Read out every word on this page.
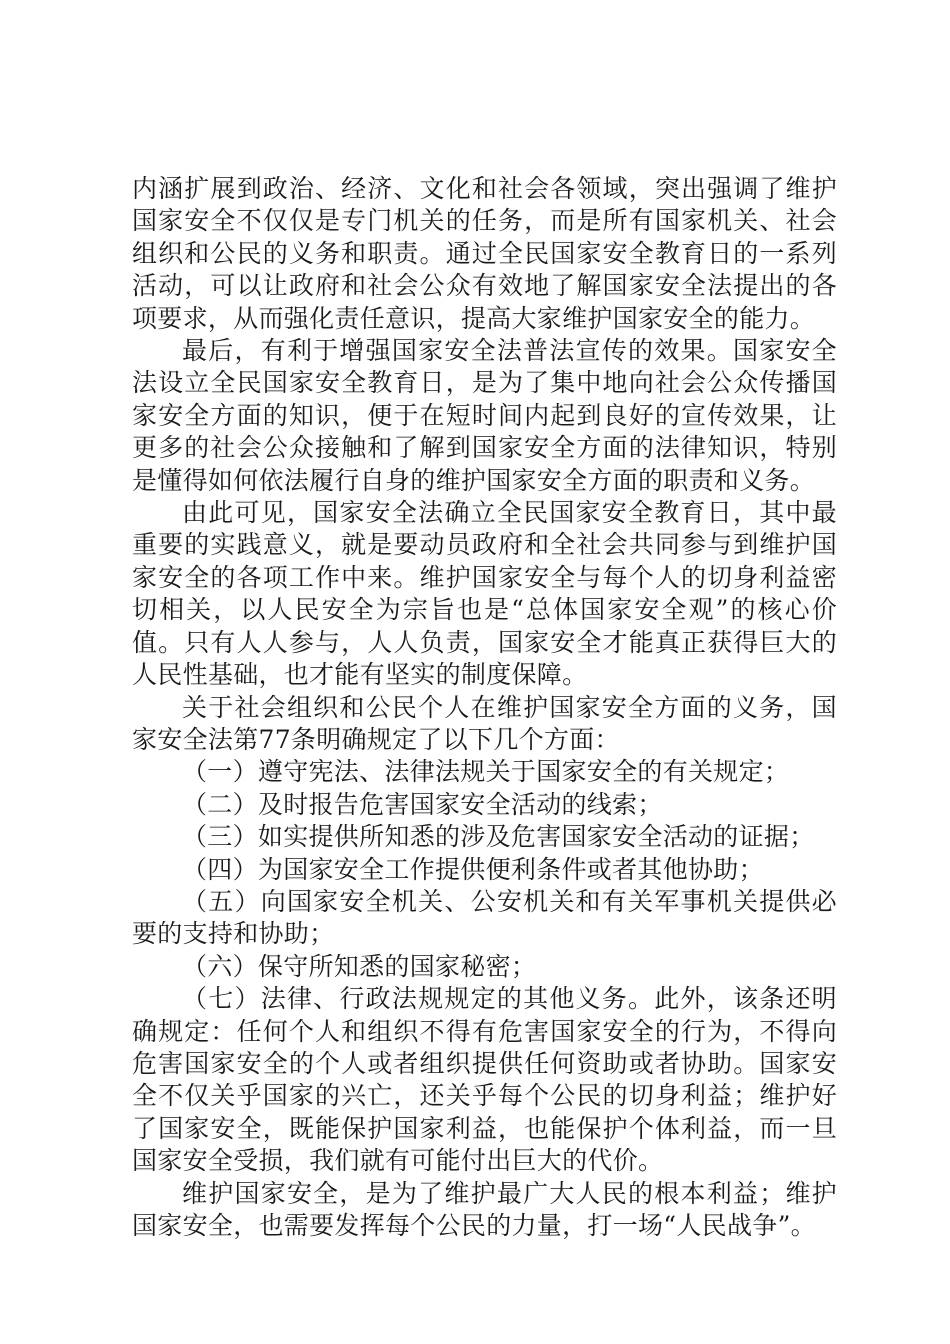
内涵扩展到政治、经济、文化和社会各领域，突出强调了维护国家安全不仅仅是专门机关的任务，而是所有国家机关、社会组织和公民的义务和职责。通过全民国家安全教育日的一系列活动，可以让政府和社会公众有效地了解国家安全法提出的各项要求，从而强化责任意识，提高大家维护国家安全的能力。

最后，有利于增强国家安全法普法宣传的效果。国家安全法设立全民国家安全教育日，是为了集中地向社会公众传播国家安全方面的知识，便于在短时间内起到良好的宣传效果，让更多的社会公众接触和了解到国家安全方面的法律知识，特别是懂得如何依法履行自身的维护国家安全方面的职责和义务。

由此可见，国家安全法确立全民国家安全教育日，其中最重要的实践意义，就是要动员政府和全社会共同参与到维护国家安全的各项工作中来。维护国家安全与每个人的切身利益密切相关，以人民安全为宗旨也是“总体国家安全观”的核心价值。只有人人参与，人人负责，国家安全才能真正获得巨大的人民性基础，也才能有坚实的制度保障。

关于社会组织和公民个人在维护国家安全方面的义务，国家安全法第77条明确规定了以下几个方面：

（一）遵守宪法、法律法规关于国家安全的有关规定；

（二）及时报告危害国家安全活动的线索；

（三）如实提供所知悉的涉及危害国家安全活动的证据；

（四）为国家安全工作提供便利条件或者其他协助；

（五）向国家安全机关、公安机关和有关军事机关提供必要的支持和协助；

（六）保守所知悉的国家秘密；

（七）法律、行政法规规定的其他义务。此外，该条还明确规定：任何个人和组织不得有危害国家安全的行为，不得向危害国家安全的个人或者组织提供任何资助或者协助。国家安全不仅关乎国家的兴亡，还关乎每个公民的切身利益；维护好了国家安全，既能保护国家利益，也能保护个体利益，而一旦国家安全受损，我们就有可能付出巨大的代价。

维护国家安全，是为了维护最广大人民的根本利益；维护国家安全，也需要发挥每个公民的力量，打一场“人民战争”。
